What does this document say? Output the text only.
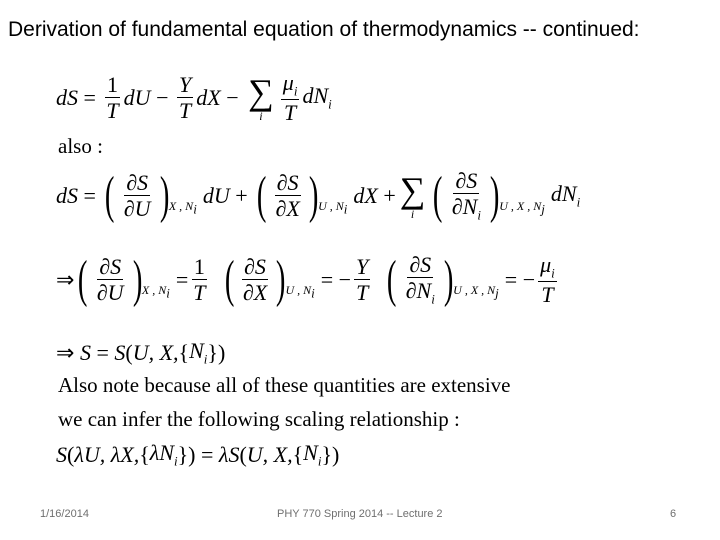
Derivation of fundamental equation of thermodynamics -- continued:
dS = $\frac{1}{T}$ dU − $\frac{Y}{T}$ dX − ∑
i $\frac{\mu_i}{T} dN_i$
also :
dS = ( $\frac{\partial S}{\partial U}$ ) X , $N_i$
dU + ( $\frac{\partial S}{\partial X}$ ) U , $N_i$
dX + ∑
i ( $\frac{\partial S}{\partial N_i}$ ) U , X , $N_j$
$dN_i$
⇒ ( $\frac{\partial S}{\partial U}$ ) X , $N_i$
= $\frac{1}{T}$ ( $\frac{\partial S}{\partial X}$ ) U , $N_i$
= − $\frac{Y}{T}$ ( $\frac{\partial S}{\partial N_i}$ ) U , X , $N_j$
= − $\frac{\mu_i}{T}$
⇒ S = S ( U, X, { $N_i$ })
Also note because all of these quantities are extensive
we can infer the following scaling relationship :
S ( λU, λX, { $\lambda N_i$ }) = λS ( U, X, { $N_i$ })
1/16/2014	PHY 770 Spring 2014 -- Lecture 2	6
